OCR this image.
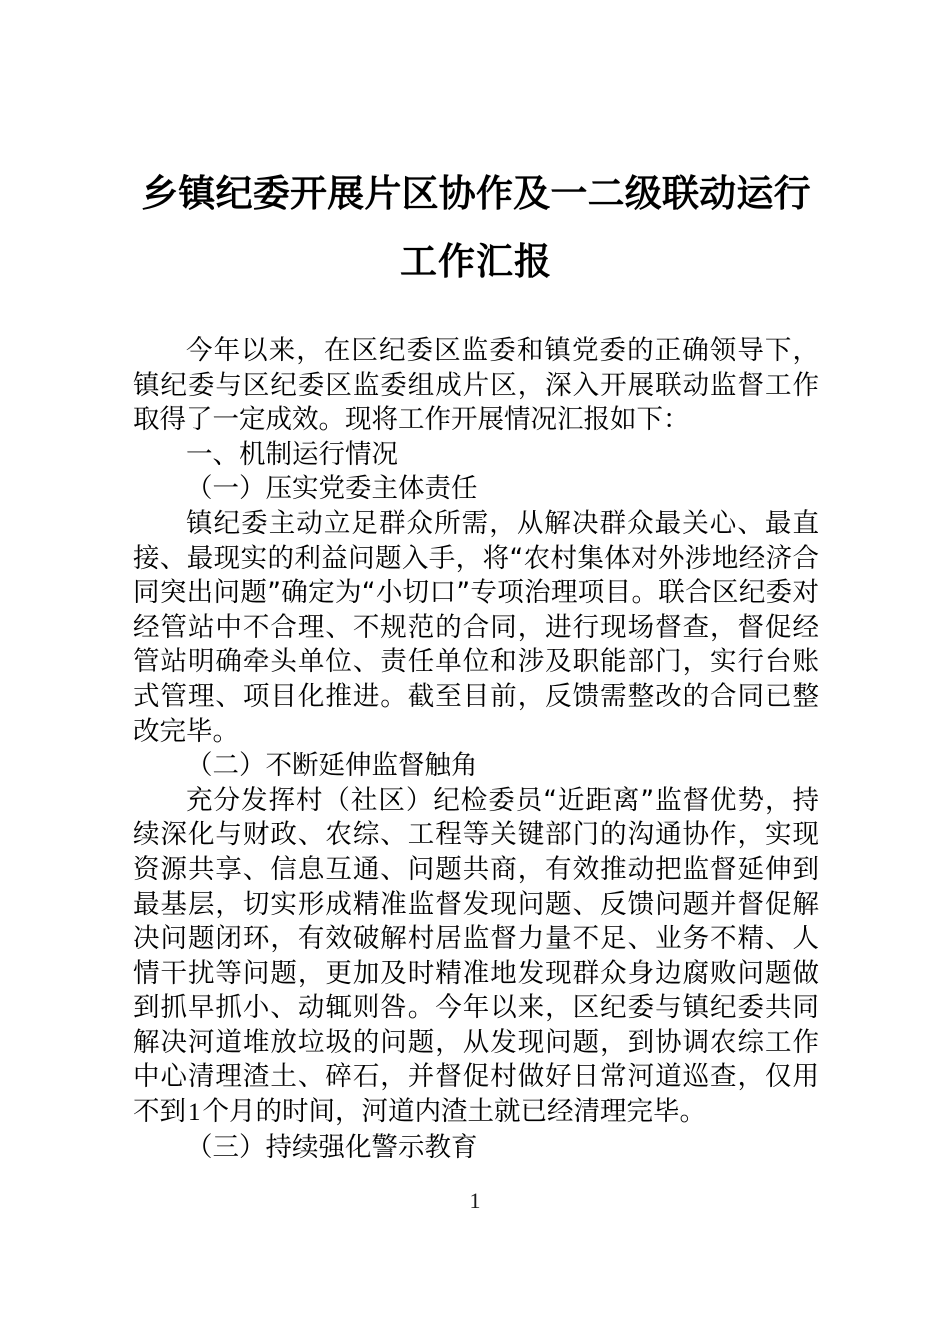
乡镇纪委开展片区协作及一二级联动运行
工作汇报

今年以来，在区纪委区监委和镇党委的正确领导下，镇纪委与区纪委区监委组成片区，深入开展联动监督工作取得了一定成效。现将工作开展情况汇报如下：

一、机制运行情况

（一）压实党委主体责任

镇纪委主动立足群众所需，从解决群众最关心、最直接、最现实的利益问题入手，将“农村集体对外涉地经济合同突出问题”确定为“小切口”专项治理项目。联合区纪委对经管站中不合理、不规范的合同，进行现场督查，督促经管站明确牵头单位、责任单位和涉及职能部门，实行台账式管理、项目化推进。截至目前，反馈需整改的合同已整改完毕。

（二）不断延伸监督触角

充分发挥村（社区）纪检委员“近距离”监督优势，持续深化与财政、农综、工程等关键部门的沟通协作，实现资源共享、信息互通、问题共商，有效推动把监督延伸到最基层，切实形成精准监督发现问题、反馈问题并督促解决问题闭环，有效破解村居监督力量不足、业务不精、人情干扰等问题，更加及时精准地发现群众身边腐败问题做到抓早抓小、动辄则咎。今年以来，区纪委与镇纪委共同解决河道堆放垃圾的问题，从发现问题，到协调农综工作中心清理渣土、碎石，并督促村做好日常河道巡查，仅用不到1个月的时间，河道内渣土就已经清理完毕。

（三）持续强化警示教育

1
